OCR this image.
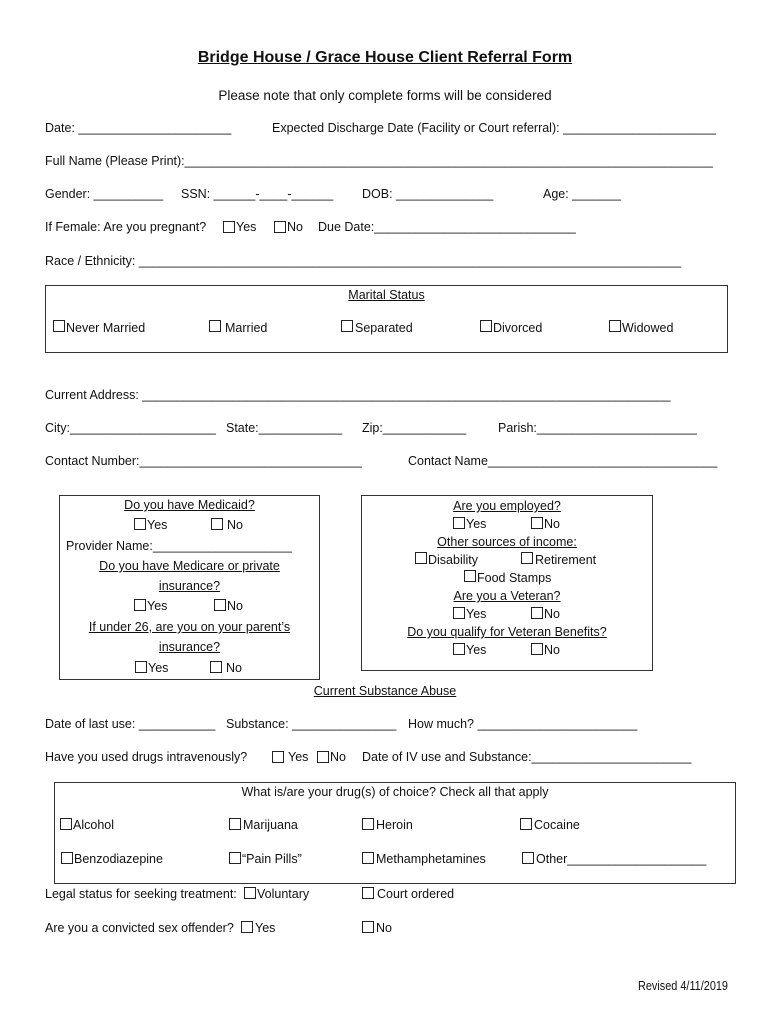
Bridge House / Grace House Client Referral Form
Please note that only complete forms will be considered
Date: ______________________	Expected Discharge Date (Facility or Court referral): ______________________
Full Name (Please Print):____________________________________________________________________________
Gender: __________ SSN: ______-____-______ DOB: ______________	Age: _______
If Female: Are you pregnant? Yes No Due Date:_____________________________
Race / Ethnicity: ______________________________________________________________________________
Marital Status
Never Married	Married	Separated	Divorced	Widowed
Current Address: ____________________________________________________________________________
City:_____________________ State:____________ Zip:____________	Parish:_______________________
Contact Number:________________________________	Contact Name_________________________________
Do you have Medicaid?
Yes	No
Provider Name:____________________
Do you have Medicare or private
insurance?
Yes	No
If under 26, are you on your parent’s
insurance?
Yes	No
Are you employed?
Yes	No
Other sources of income:
Disability	Retirement
Food Stamps
Are you a Veteran?
Yes	No
Do you qualify for Veteran Benefits?
Yes	No
Current Substance Abuse
Date of last use: ___________ Substance: _______________ How much? _______________________
Have you used drugs intravenously?	Yes No Date of IV use and Substance:_______________________
What is/are your drug(s) of choice? Check all that apply
Alcohol	Marijuana	Heroin	Cocaine
Benzodiazepine	“Pain Pills”	Methamphetamines	Other____________________
Legal status for seeking treatment: Voluntary	Court ordered
Are you a convicted sex offender? Yes	No
Revised 4/11/2019
